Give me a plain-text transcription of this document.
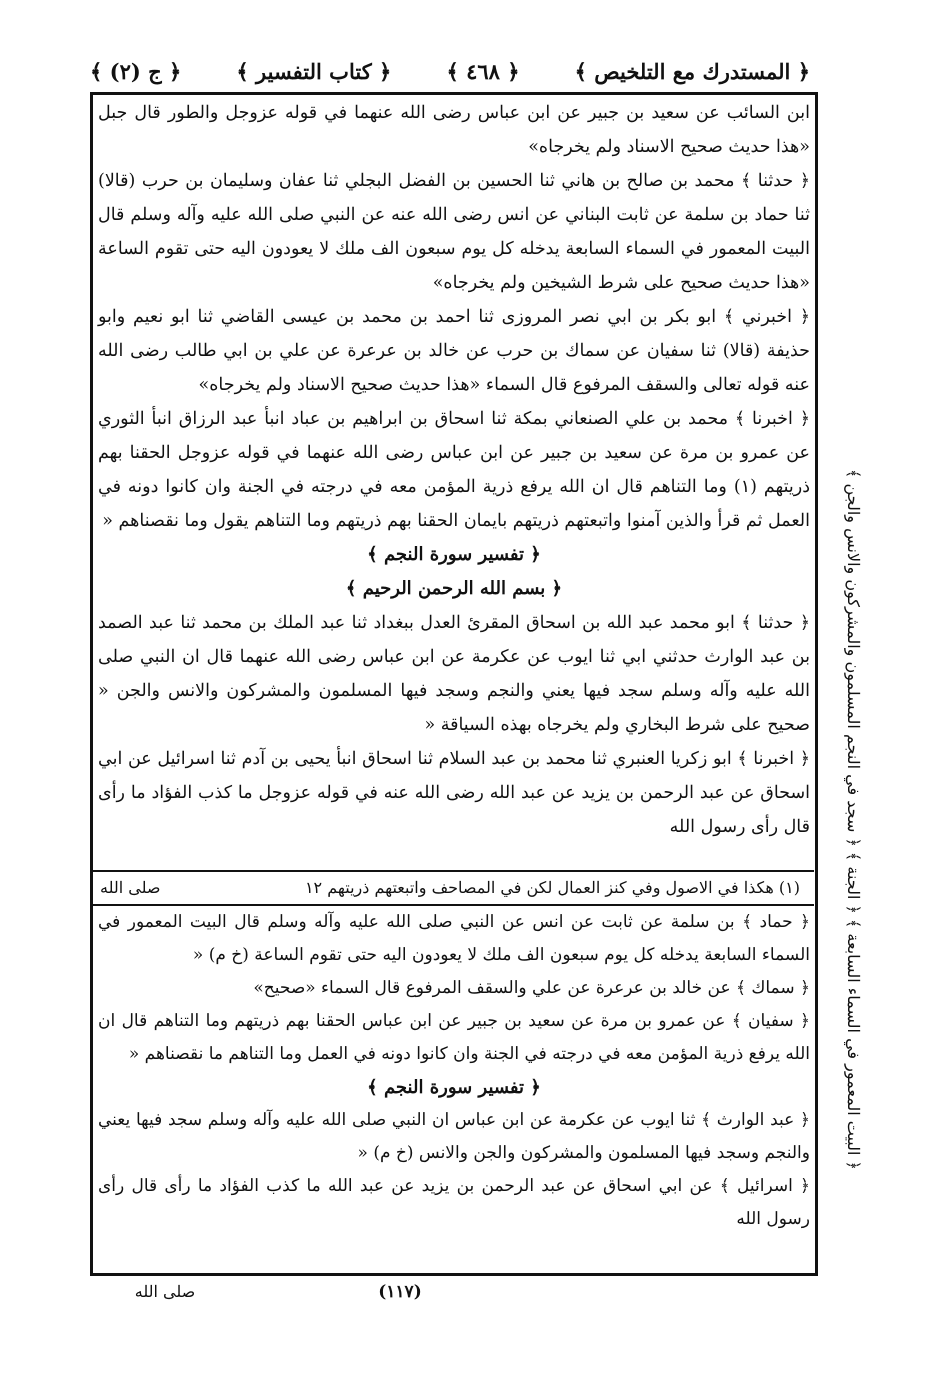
﴿ المستدرك مع التلخيص ﴾
﴿ ٤٦٨ ﴾
﴿ كتاب التفسير ﴾
﴿ ج (٢) ﴾

ابن السائب عن سعيد بن جبير عن ابن عباس رضى الله عنهما في قوله عزوجل والطور قال جبل «هذا حديث صحيح الاسناد ولم يخرجاه»

﴿ حدثنا ﴾ محمد بن صالح بن هاني ثنا الحسين بن الفضل البجلي ثنا عفان وسليمان بن حرب (قالا) ثنا حماد بن سلمة عن ثابت البناني عن انس رضى الله عنه عن النبي صلى الله عليه وآله وسلم قال البيت المعمور في السماء السابعة يدخله كل يوم سبعون الف ملك لا يعودون اليه حتى تقوم الساعة «هذا حديث صحيح على شرط الشيخين ولم يخرجاه»

﴿ اخبرني ﴾ ابو بكر بن ابي نصر المروزى ثنا احمد بن محمد بن عيسى القاضي ثنا ابو نعيم وابو حذيفة (قالا) ثنا سفيان عن سماك بن حرب عن خالد بن عرعرة عن علي بن ابي طالب رضى الله عنه قوله تعالى والسقف المرفوع قال السماء «هذا حديث صحيح الاسناد ولم يخرجاه»

﴿ اخبرنا ﴾ محمد بن علي الصنعاني بمكة ثنا اسحاق بن ابراهيم بن عباد انبأ عبد الرزاق انبأ الثوري عن عمرو بن مرة عن سعيد بن جبير عن ابن عباس رضى الله عنهما في قوله عزوجل الحقنا بهم ذريتهم (١) وما التناهم قال ان الله يرفع ذرية المؤمن معه في درجته في الجنة وان كانوا دونه في العمل ثم قرأ والذين آمنوا واتبعتهم ذريتهم بايمان الحقنا بهم ذريتهم وما التناهم يقول وما نقصناهم «

﴿ تفسير سورة النجم ﴾

﴿ بسم الله الرحمن الرحيم ﴾

﴿ حدثنا ﴾ ابو محمد عبد الله بن اسحاق المقرئ العدل ببغداد ثنا عبد الملك بن محمد ثنا عبد الصمد بن عبد الوارث حدثني ابي ثنا ايوب عن عكرمة عن ابن عباس رضى الله عنهما قال ان النبي صلى الله عليه وآله وسلم سجد فيها يعني والنجم وسجد فيها المسلمون والمشركون والانس والجن « صحيح على شرط البخاري ولم يخرجاه بهذه السياقة «

﴿ اخبرنا ﴾ ابو زكريا العنبري ثنا محمد بن عبد السلام ثنا اسحاق انبأ يحيى بن آدم ثنا اسرائيل عن ابي اسحاق عن عبد الرحمن بن يزيد عن عبد الله رضى الله عنه في قوله عزوجل ما كذب الفؤاد ما رأى قال رأى رسول الله

(١) هكذا في الاصول وفي كنز العمال لكن في المصاحف واتبعتهم ذريتهم ١٢
صلى الله

﴿ حماد ﴾ بن سلمة عن ثابت عن انس عن النبي صلى الله عليه وآله وسلم قال البيت المعمور في السماء السابعة يدخله كل يوم سبعون الف ملك لا يعودون اليه حتى تقوم الساعة (خ م) «

﴿ سماك ﴾ عن خالد بن عرعرة عن علي والسقف المرفوع قال السماء «صحيح»

﴿ سفيان ﴾ عن عمرو بن مرة عن سعيد بن جبير عن ابن عباس الحقنا بهم ذريتهم وما التناهم قال ان الله يرفع ذرية المؤمن معه في درجته في الجنة وان كانوا دونه في العمل وما التناهم ما نقصناهم «

﴿ تفسير سورة النجم ﴾

﴿ عبد الوارث ﴾ ثنا ايوب عن عكرمة عن ابن عباس ان النبي صلى الله عليه وآله وسلم سجد فيها يعني والنجم وسجد فيها المسلمون والمشركون والجن والانس (خ م) «

﴿ اسرائيل ﴾ عن ابي اسحاق عن عبد الرحمن بن يزيد عن عبد الله ما كذب الفؤاد ما رأى قال رأى رسول الله

﴿ البيت المعمور في السماء السابعة ﴾ ﴿ الجنة ﴾ ﴿ سجد في النجم المسلمون والمشركون والانس والجن ﴾
(١١٧)
صلى الله
